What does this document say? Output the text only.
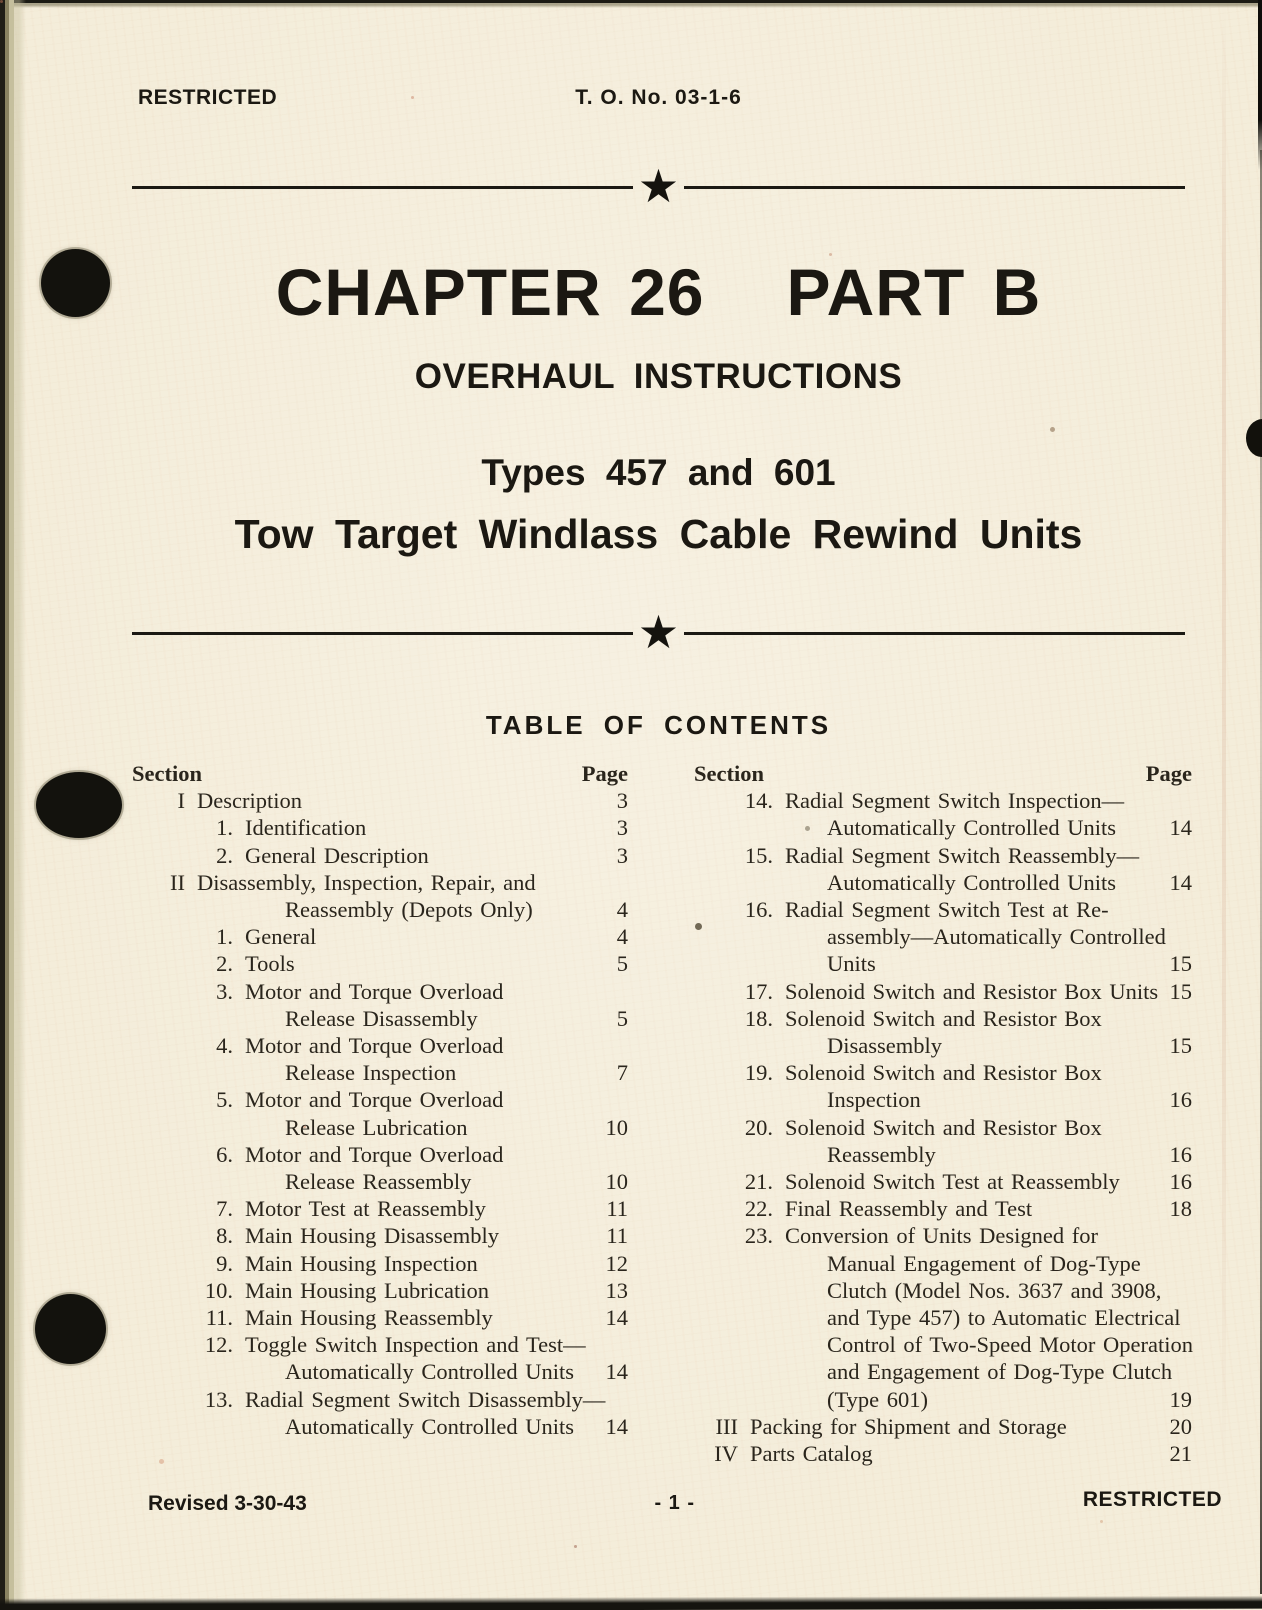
RESTRICTED	T. O. No. 03-1-6
★
CHAPTER 26   PART B
OVERHAUL INSTRUCTIONS
Types 457 and 601
Tow Target Windlass Cable Rewind Units
★
TABLE OF CONTENTS
Section	Page
I Description	3
1. Identification	3
2. General Description	3
II Disassembly, Inspection, Repair, and
Reassembly (Depots Only)	4
1. General	4
2. Tools	5
3. Motor and Torque Overload
Release Disassembly	5
4. Motor and Torque Overload
Release Inspection	7
5. Motor and Torque Overload
Release Lubrication	10
6. Motor and Torque Overload
Release Reassembly	10
7. Motor Test at Reassembly	11
8. Main Housing Disassembly	11
9. Main Housing Inspection	12
10. Main Housing Lubrication	13
11. Main Housing Reassembly	14
12. Toggle Switch Inspection and Test—
Automatically Controlled Units	14
13. Radial Segment Switch Disassembly—
Automatically Controlled Units	14
Section	Page
14. Radial Segment Switch Inspection—
Automatically Controlled Units	14
15. Radial Segment Switch Reassembly—
Automatically Controlled Units	14
16. Radial Segment Switch Test at Re-
assembly—Automatically Controlled
Units	15
17. Solenoid Switch and Resistor Box Units 15
18. Solenoid Switch and Resistor Box
Disassembly	15
19. Solenoid Switch and Resistor Box
Inspection	16
20. Solenoid Switch and Resistor Box
Reassembly	16
21. Solenoid Switch Test at Reassembly	16
22. Final Reassembly and Test	18
23. Conversion of Units Designed for
Manual Engagement of Dog-Type
Clutch (Model Nos. 3637 and 3908,
and Type 457) to Automatic Electrical
Control of Two-Speed Motor Operation
and Engagement of Dog-Type Clutch
(Type 601)	19
III Packing for Shipment and Storage	20
IV Parts Catalog	21
Revised 3-30-43	- 1 -	RESTRICTED
